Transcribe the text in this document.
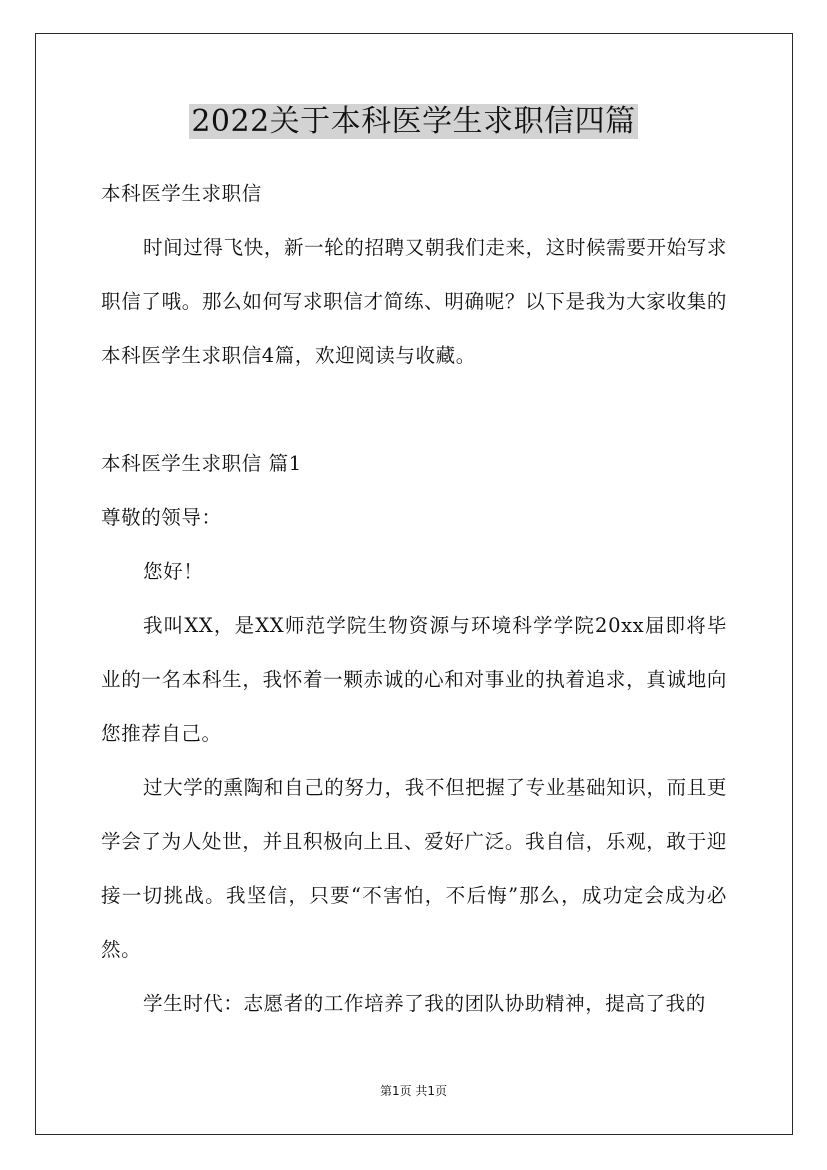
2022关于本科医学生求职信四篇

本科医学生求职信

时间过得飞快，新一轮的招聘又朝我们走来，这时候需要开始写求职信了哦。那么如何写求职信才简练、明确呢？以下是我为大家收集的本科医学生求职信4篇，欢迎阅读与收藏。

本科医学生求职信 篇1

尊敬的领导：

您好！

我叫XX，是XX师范学院生物资源与环境科学学院20xx届即将毕业的一名本科生，我怀着一颗赤诚的心和对事业的执着追求，真诚地向您推荐自己。

过大学的熏陶和自己的努力，我不但把握了专业基础知识，而且更学会了为人处世，并且积极向上且、爱好广泛。我自信，乐观，敢于迎接一切挑战。我坚信，只要“不害怕，不后悔”那么，成功定会成为必然。

学生时代：志愿者的工作培养了我的团队协助精神，提高了我的

第1页 共1页
